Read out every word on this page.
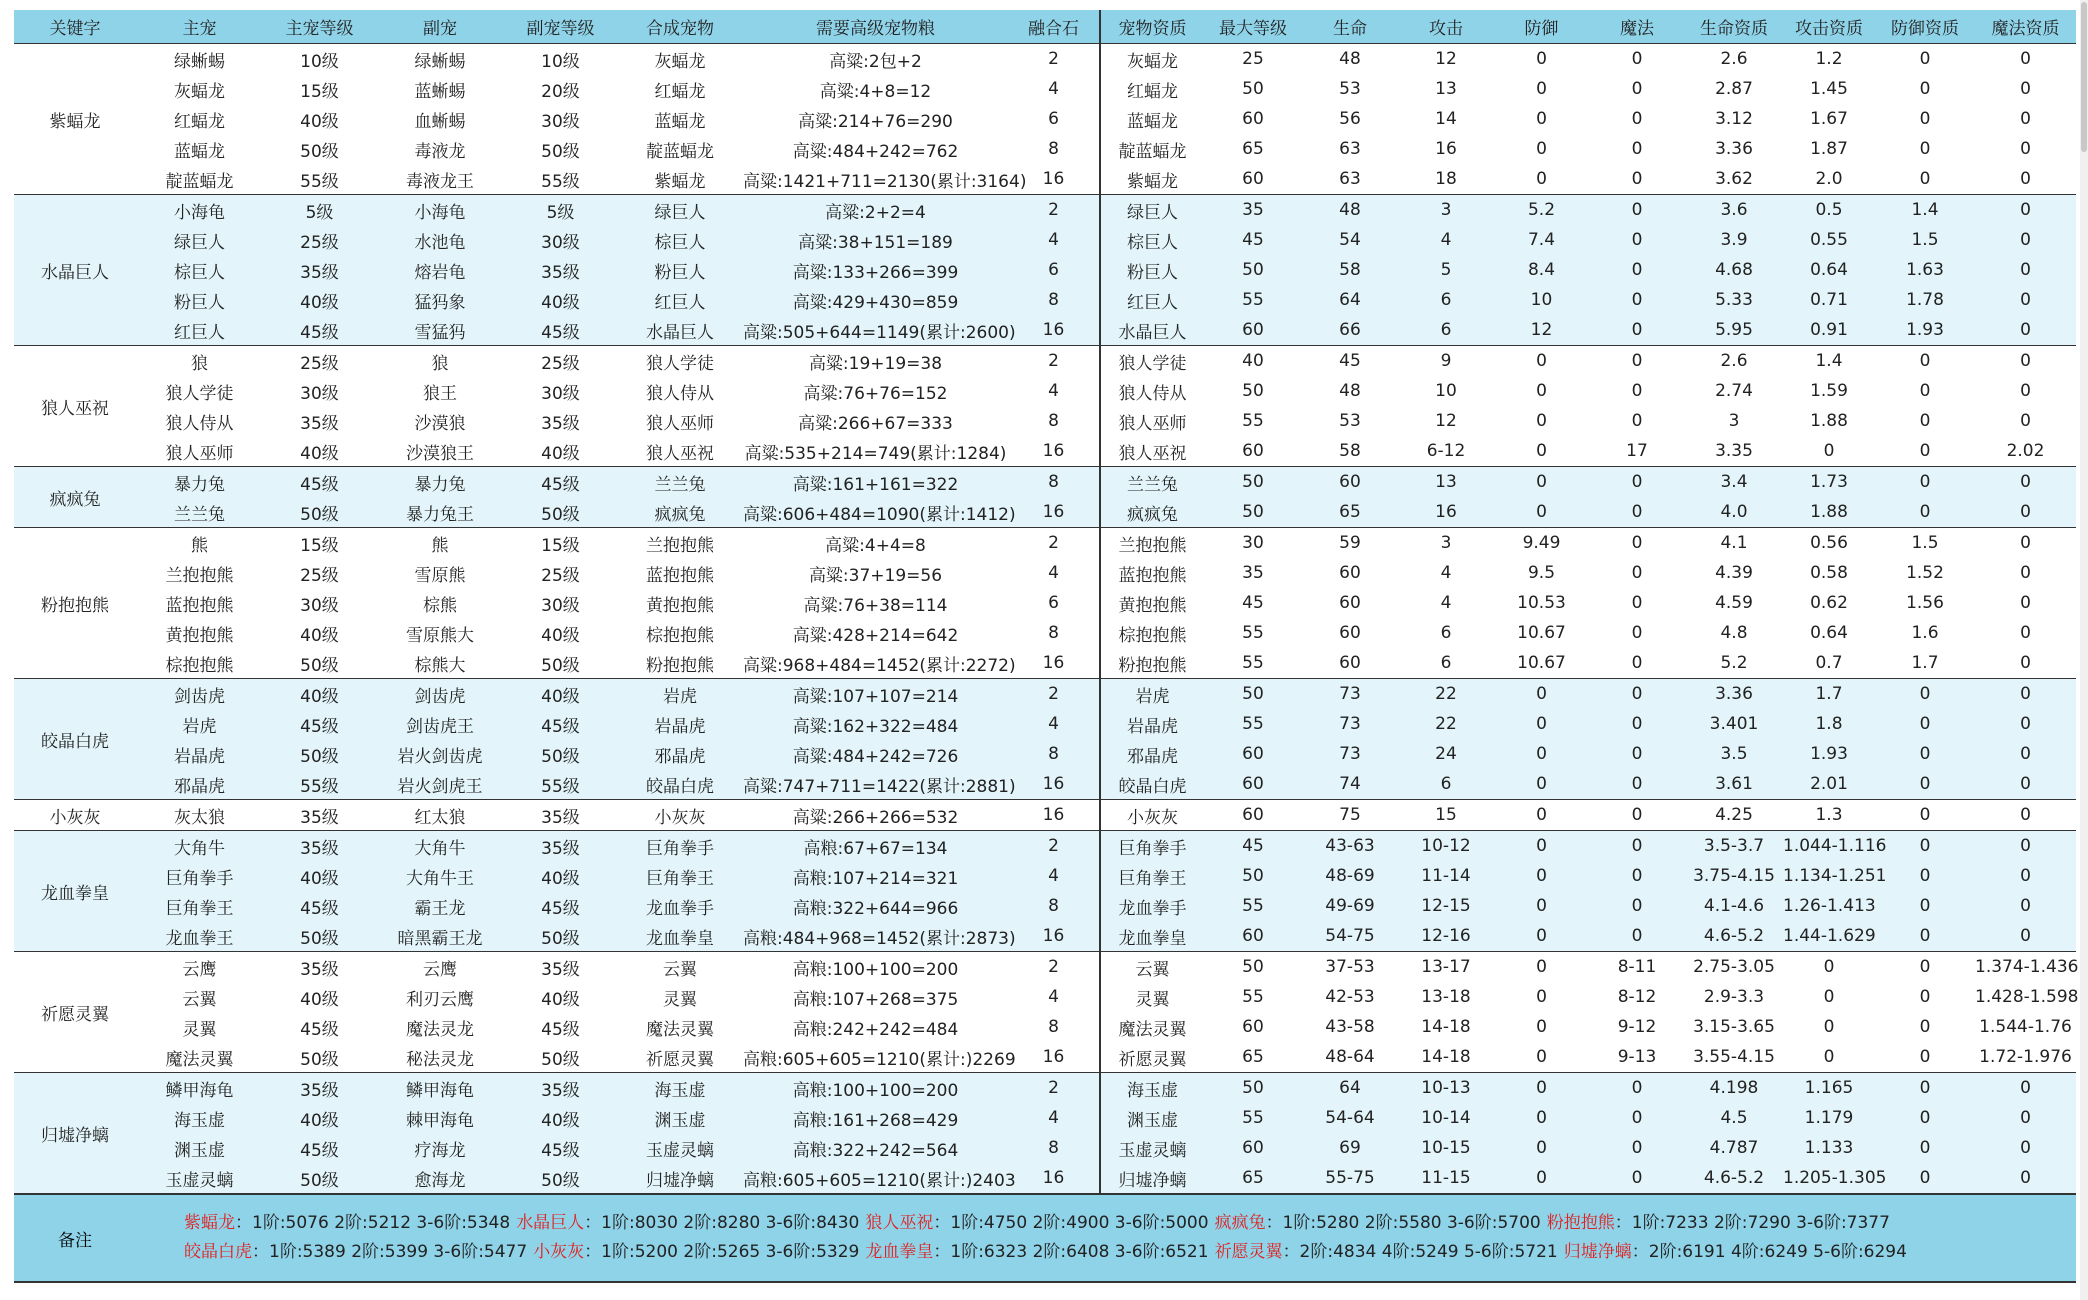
关键字	主宠	主宠等级	副宠	副宠等级	合成宠物	需要高级宠物粮	融合石	宠物资质	最大等级	生命	攻击	防御	魔法	生命资质	攻击资质	防御资质	魔法资质
紫蝠龙	绿蜥蜴	10级	绿蜥蜴	10级	灰蝠龙	高粱:2包+2	2	灰蝠龙	25	48	12	0	0	2.6	1.2	0	0
	灰蝠龙	15级	蓝蜥蜴	20级	红蝠龙	高粱:4+8=12	4	红蝠龙	50	53	13	0	0	2.87	1.45	0	0
	红蝠龙	40级	血蜥蜴	30级	蓝蝠龙	高粱:214+76=290	6	蓝蝠龙	60	56	14	0	0	3.12	1.67	0	0
	蓝蝠龙	50级	毒液龙	50级	靛蓝蝠龙	高粱:484+242=762	8	靛蓝蝠龙	65	63	16	0	0	3.36	1.87	0	0
	靛蓝蝠龙	55级	毒液龙王	55级	紫蝠龙	高粱:1421+711=2130(累计:3164)	16	紫蝠龙	60	63	18	0	0	3.62	2.0	0	0
水晶巨人	小海龟	5级	小海龟	5级	绿巨人	高粱:2+2=4	2	绿巨人	35	48	3	5.2	0	3.6	0.5	1.4	0
	绿巨人	25级	水池龟	30级	棕巨人	高粱:38+151=189	4	棕巨人	45	54	4	7.4	0	3.9	0.55	1.5	0
	棕巨人	35级	熔岩龟	35级	粉巨人	高粱:133+266=399	6	粉巨人	50	58	5	8.4	0	4.68	0.64	1.63	0
	粉巨人	40级	猛犸象	40级	红巨人	高粱:429+430=859	8	红巨人	55	64	6	10	0	5.33	0.71	1.78	0
	红巨人	45级	雪猛犸	45级	水晶巨人	高粱:505+644=1149(累计:2600)	16	水晶巨人	60	66	6	12	0	5.95	0.91	1.93	0
狼人巫祝	狼	25级	狼	25级	狼人学徒	高粱:19+19=38	2	狼人学徒	40	45	9	0	0	2.6	1.4	0	0
	狼人学徒	30级	狼王	30级	狼人侍从	高粱:76+76=152	4	狼人侍从	50	48	10	0	0	2.74	1.59	0	0
	狼人侍从	35级	沙漠狼	35级	狼人巫师	高粱:266+67=333	8	狼人巫师	55	53	12	0	0	3	1.88	0	0
	狼人巫师	40级	沙漠狼王	40级	狼人巫祝	高粱:535+214=749(累计:1284)	16	狼人巫祝	60	58	6-12	0	17	3.35	0	0	2.02
疯疯兔	暴力兔	45级	暴力兔	45级	兰兰兔	高粱:161+161=322	8	兰兰兔	50	60	13	0	0	3.4	1.73	0	0
	兰兰兔	50级	暴力兔王	50级	疯疯兔	高粱:606+484=1090(累计:1412)	16	疯疯兔	50	65	16	0	0	4.0	1.88	0	0
粉抱抱熊	熊	15级	熊	15级	兰抱抱熊	高粱:4+4=8	2	兰抱抱熊	30	59	3	9.49	0	4.1	0.56	1.5	0
	兰抱抱熊	25级	雪原熊	25级	蓝抱抱熊	高粱:37+19=56	4	蓝抱抱熊	35	60	4	9.5	0	4.39	0.58	1.52	0
	蓝抱抱熊	30级	棕熊	30级	黄抱抱熊	高粱:76+38=114	6	黄抱抱熊	45	60	4	10.53	0	4.59	0.62	1.56	0
	黄抱抱熊	40级	雪原熊大	40级	棕抱抱熊	高粱:428+214=642	8	棕抱抱熊	55	60	6	10.67	0	4.8	0.64	1.6	0
	棕抱抱熊	50级	棕熊大	50级	粉抱抱熊	高粱:968+484=1452(累计:2272)	16	粉抱抱熊	55	60	6	10.67	0	5.2	0.7	1.7	0
皎晶白虎	剑齿虎	40级	剑齿虎	40级	岩虎	高粱:107+107=214	2	岩虎	50	73	22	0	0	3.36	1.7	0	0
	岩虎	45级	剑齿虎王	45级	岩晶虎	高粱:162+322=484	4	岩晶虎	55	73	22	0	0	3.401	1.8	0	0
	岩晶虎	50级	岩火剑齿虎	50级	邪晶虎	高粱:484+242=726	8	邪晶虎	60	73	24	0	0	3.5	1.93	0	0
	邪晶虎	55级	岩火剑虎王	55级	皎晶白虎	高粱:747+711=1422(累计:2881)	16	皎晶白虎	60	74	6	0	0	3.61	2.01	0	0
小灰灰	灰太狼	35级	红太狼	35级	小灰灰	高粱:266+266=532	16	小灰灰	60	75	15	0	0	4.25	1.3	0	0
龙血拳皇	大角牛	35级	大角牛	35级	巨角拳手	高粮:67+67=134	2	巨角拳手	45	43-63	10-12	0	0	3.5-3.7	1.044-1.116	0	0
	巨角拳手	40级	大角牛王	40级	巨角拳王	高粮:107+214=321	4	巨角拳王	50	48-69	11-14	0	0	3.75-4.15	1.134-1.251	0	0
	巨角拳王	45级	霸王龙	45级	龙血拳手	高粮:322+644=966	8	龙血拳手	55	49-69	12-15	0	0	4.1-4.6	1.26-1.413	0	0
	龙血拳王	50级	暗黑霸王龙	50级	龙血拳皇	高粮:484+968=1452(累计:2873)	16	龙血拳皇	60	54-75	12-16	0	0	4.6-5.2	1.44-1.629	0	0
祈愿灵翼	云鹰	35级	云鹰	35级	云翼	高粮:100+100=200	2	云翼	50	37-53	13-17	0	8-11	2.75-3.05	0	0	1.374-1.436
	云翼	40级	利刃云鹰	40级	灵翼	高粮:107+268=375	4	灵翼	55	42-53	13-18	0	8-12	2.9-3.3	0	0	1.428-1.598
	灵翼	45级	魔法灵龙	45级	魔法灵翼	高粮:242+242=484	8	魔法灵翼	60	43-58	14-18	0	9-12	3.15-3.65	0	0	1.544-1.76
	魔法灵翼	50级	秘法灵龙	50级	祈愿灵翼	高粮:605+605=1210(累计:)2269	16	祈愿灵翼	65	48-64	14-18	0	9-13	3.55-4.15	0	0	1.72-1.976
归墟净螭	鳞甲海龟	35级	鳞甲海龟	35级	海玉虚	高粮:100+100=200	2	海玉虚	50	64	10-13	0	0	4.198	1.165	0	0
	海玉虚	40级	棘甲海龟	40级	渊玉虚	高粮:161+268=429	4	渊玉虚	55	54-64	10-14	0	0	4.5	1.179	0	0
	渊玉虚	45级	疗海龙	45级	玉虚灵螭	高粮:322+242=564	8	玉虚灵螭	60	69	10-15	0	0	4.787	1.133	0	0
	玉虚灵螭	50级	愈海龙	50级	归墟净螭	高粮:605+605=1210(累计:)2403	16	归墟净螭	65	55-75	11-15	0	0	4.6-5.2	1.205-1.305	0	0
备注
紫蝠龙：1阶:5076 2阶:5212 3-6阶:5348 水晶巨人：1阶:8030 2阶:8280 3-6阶:8430 狼人巫祝：1阶:4750 2阶:4900 3-6阶:5000 疯疯兔：1阶:5280 2阶:5580 3-6阶:5700 粉抱抱熊：1阶:7233 2阶:7290 3-6阶:7377
皎晶白虎：1阶:5389 2阶:5399 3-6阶:5477 小灰灰：1阶:5200 2阶:5265 3-6阶:5329 龙血拳皇：1阶:6323 2阶:6408 3-6阶:6521 祈愿灵翼：2阶:4834 4阶:5249 5-6阶:5721 归墟净螭：2阶:6191 4阶:6249 5-6阶:6294
